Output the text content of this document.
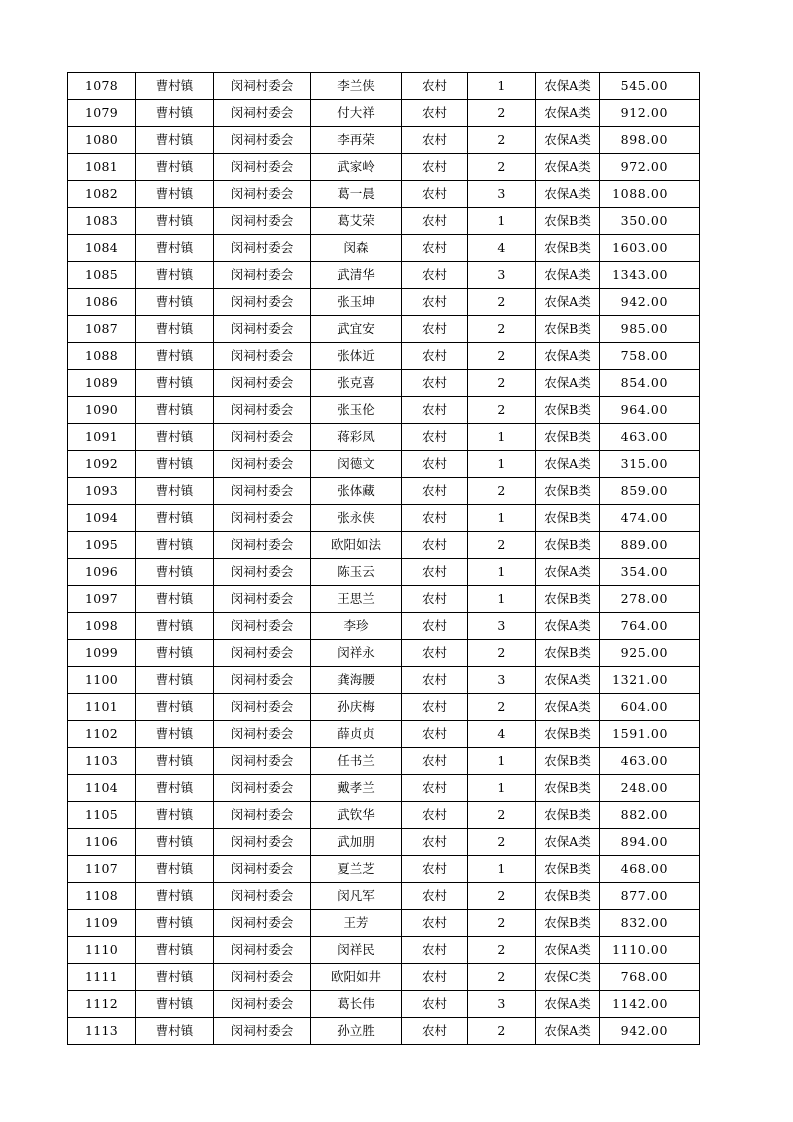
1078	曹村镇	闵祠村委会	李兰侠	农村	1	农保A类	545.00
1079	曹村镇	闵祠村委会	付大祥	农村	2	农保A类	912.00
1080	曹村镇	闵祠村委会	李再荣	农村	2	农保A类	898.00
1081	曹村镇	闵祠村委会	武家岭	农村	2	农保A类	972.00
1082	曹村镇	闵祠村委会	葛一晨	农村	3	农保A类	1088.00
1083	曹村镇	闵祠村委会	葛艾荣	农村	1	农保B类	350.00
1084	曹村镇	闵祠村委会	闵森	农村	4	农保B类	1603.00
1085	曹村镇	闵祠村委会	武清华	农村	3	农保A类	1343.00
1086	曹村镇	闵祠村委会	张玉坤	农村	2	农保A类	942.00
1087	曹村镇	闵祠村委会	武宜安	农村	2	农保B类	985.00
1088	曹村镇	闵祠村委会	张体近	农村	2	农保A类	758.00
1089	曹村镇	闵祠村委会	张克喜	农村	2	农保A类	854.00
1090	曹村镇	闵祠村委会	张玉伦	农村	2	农保B类	964.00
1091	曹村镇	闵祠村委会	蒋彩凤	农村	1	农保B类	463.00
1092	曹村镇	闵祠村委会	闵德文	农村	1	农保A类	315.00
1093	曹村镇	闵祠村委会	张体藏	农村	2	农保B类	859.00
1094	曹村镇	闵祠村委会	张永侠	农村	1	农保B类	474.00
1095	曹村镇	闵祠村委会	欧阳如法	农村	2	农保B类	889.00
1096	曹村镇	闵祠村委会	陈玉云	农村	1	农保A类	354.00
1097	曹村镇	闵祠村委会	王思兰	农村	1	农保B类	278.00
1098	曹村镇	闵祠村委会	李珍	农村	3	农保A类	764.00
1099	曹村镇	闵祠村委会	闵祥永	农村	2	农保B类	925.00
1100	曹村镇	闵祠村委会	龚海腰	农村	3	农保A类	1321.00
1101	曹村镇	闵祠村委会	孙庆梅	农村	2	农保A类	604.00
1102	曹村镇	闵祠村委会	薛贞贞	农村	4	农保B类	1591.00
1103	曹村镇	闵祠村委会	任书兰	农村	1	农保B类	463.00
1104	曹村镇	闵祠村委会	戴孝兰	农村	1	农保B类	248.00
1105	曹村镇	闵祠村委会	武钦华	农村	2	农保B类	882.00
1106	曹村镇	闵祠村委会	武加朋	农村	2	农保A类	894.00
1107	曹村镇	闵祠村委会	夏兰芝	农村	1	农保B类	468.00
1108	曹村镇	闵祠村委会	闵凡军	农村	2	农保B类	877.00
1109	曹村镇	闵祠村委会	王芳	农村	2	农保B类	832.00
1110	曹村镇	闵祠村委会	闵祥民	农村	2	农保A类	1110.00
1111	曹村镇	闵祠村委会	欧阳如井	农村	2	农保C类	768.00
1112	曹村镇	闵祠村委会	葛长伟	农村	3	农保A类	1142.00
1113	曹村镇	闵祠村委会	孙立胜	农村	2	农保A类	942.00
